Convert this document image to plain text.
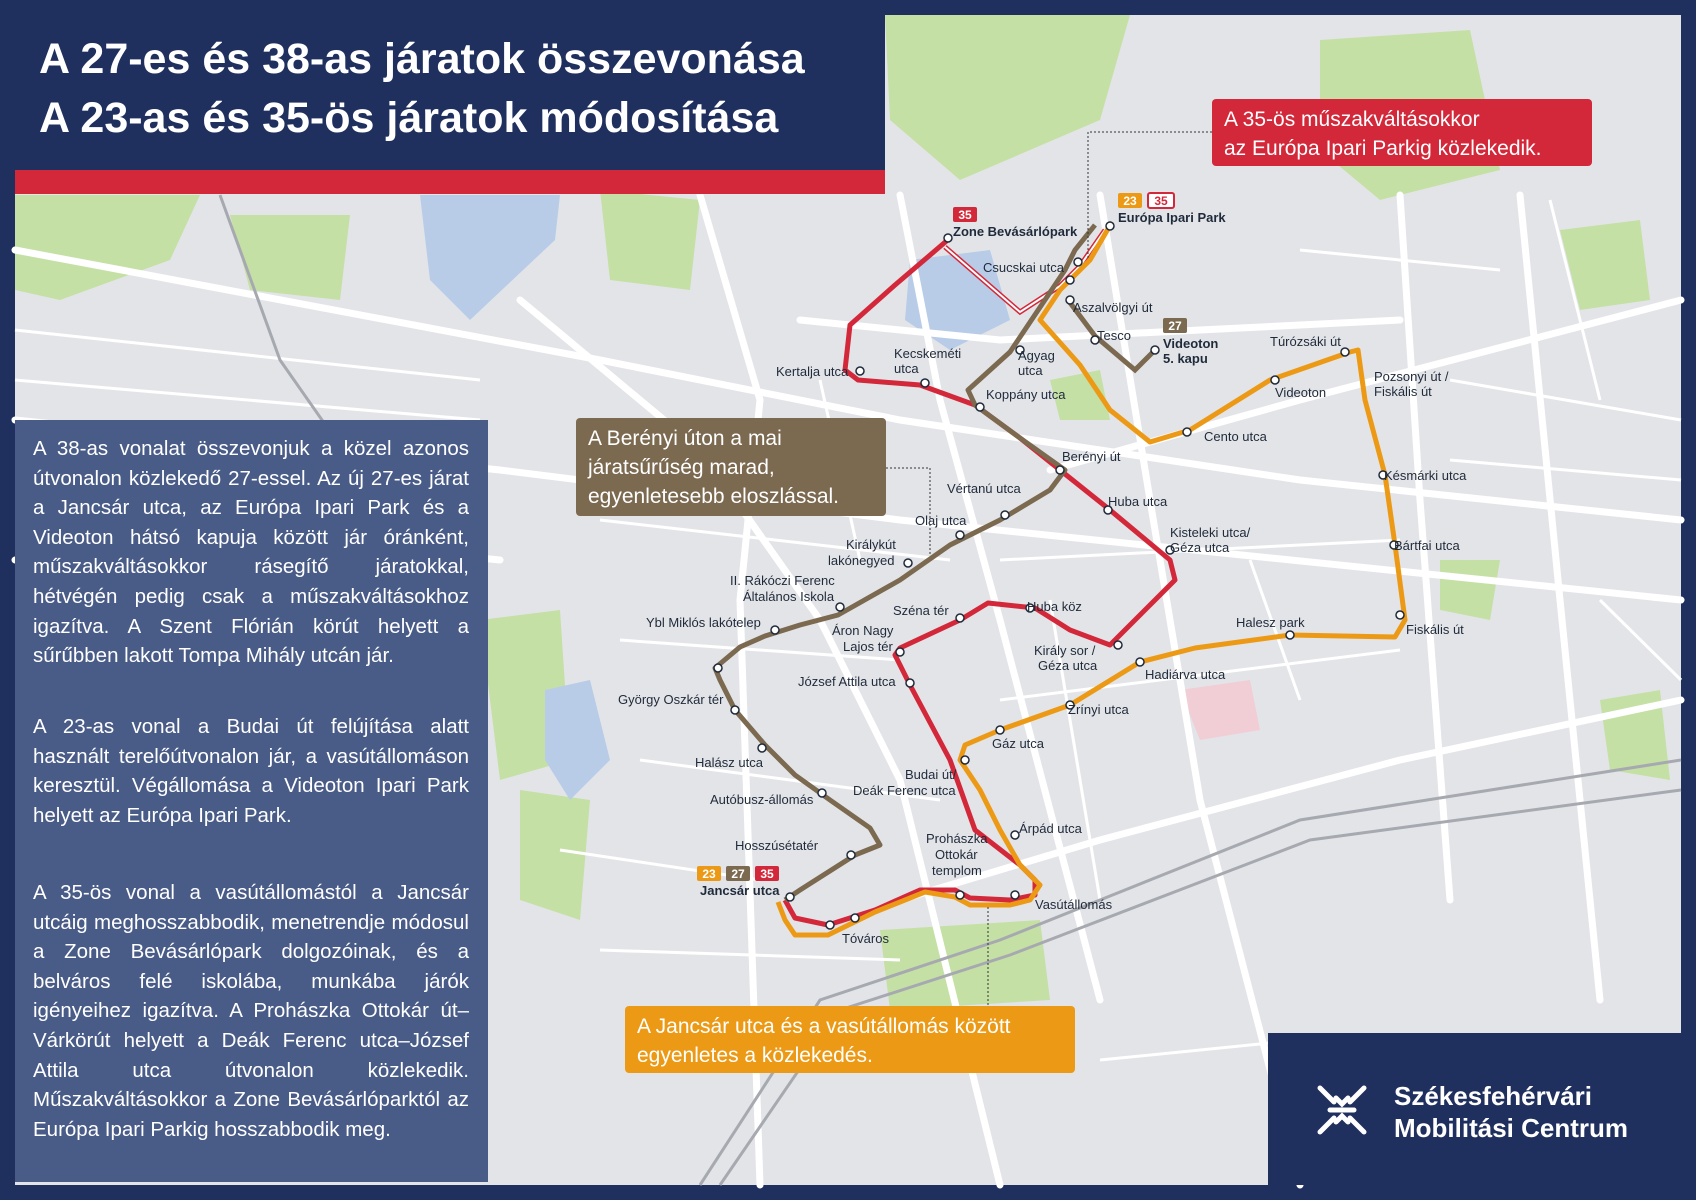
35
23 35
27
23 27 35
Zone Bevásárlópark
Európa Ipari Park
Csucskai utca
Aszalvölgyi út
Tesco
Videoton
5. kapu
Agyag
utca
Kertalja utca
Kecskeméti
utca
Koppány utca
Berényi út
Túrózsáki út
Videoton
Pozsonyi út /
Fiskális út
Cento utca
Késmárki utca
Bártfai utca
Fiskális út
Halesz park
Huba utca
Kisteleki utca/
Géza utca
Vértanú utca
Olaj utca
Királykút
lakónegyed
II. Rákóczi Ferenc
Általános Iskola
Ybl Miklós lakótelep
Széna tér	Huba köz
Áron Nagy
Lajos tér	Király sor /
Géza utca
Hadiárva utca
József Attila utca
György Oszkár tér
Zrínyi utca
Gáz utca
Halász utca
Budai út/
Deák Ferenc utca
Autóbusz-állomás
Árpád utca
Hosszúsétatér	Prohászka
Ottokár
templom
Jancsár utca
Vasútállomás
Tóváros
A 27-es és 38-as járatok összevonása
A 23-as és 35-ös járatok módosítása
A 38-as vonalat összevonjuk a közel azonos útvonalon közlekedő 27-essel. Az új 27-es járat a Jancsár utca, az Európa Ipari Park és a Videoton hátsó kapuja között jár óránként, műszakváltásokkor rásegítő járatokkal, hétvégén pedig csak a műszakváltásokhoz igazítva. A Szent Flórián körút helyett a sűrűbben lakott Tompa Mihály utcán jár.
A 23-as vonal a Budai út felújítása alatt használt terelőútvonalon jár, a vasútállomáson keresztül. Végállomása a Videoton Ipari Park helyett az Európa Ipari Park.
A 35-ös vonal a vasútállomástól a Jancsár utcáig meghosszabbodik, menetrendje módosul a Zone Bevásárlópark dolgozóinak, és a belváros felé iskolába, munkába járók igényeihez igazítva. A Prohászka Ottokár út–Várkörút helyett a Deák Ferenc utca–József Attila utca útvonalon közlekedik. Műszakváltásokkor a Zone Bevásárlóparktól az Európa Ipari Parkig hosszabbodik meg.
A 35-ös műszakváltásokkor
az Európa Ipari Parkig közlekedik.
A Berényi úton a mai
járatsűrűség marad,
egyenletesebb eloszlással.
A Jancsár utca és a vasútállomás között
egyenletes a közlekedés.
Székesfehérvári
Mobilitási Centrum
